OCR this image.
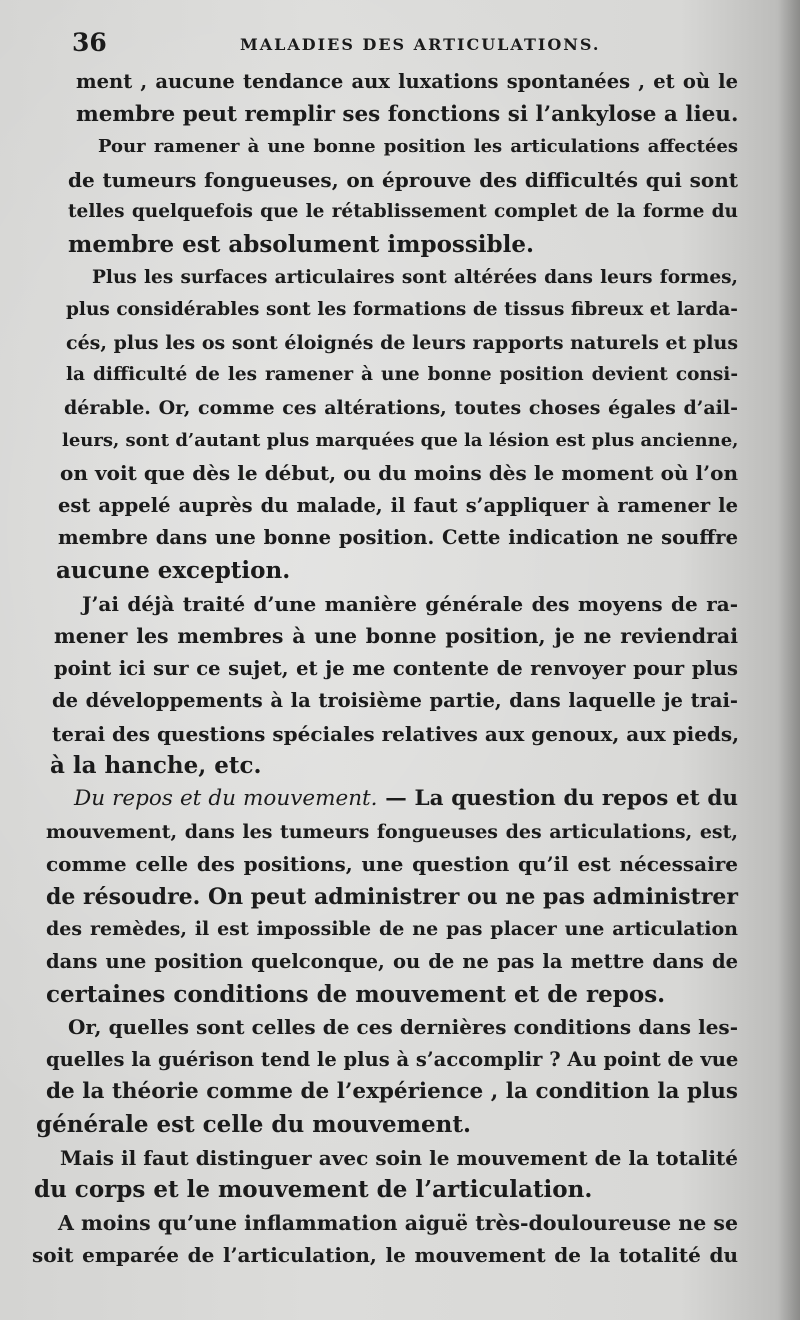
36	MALADIES DES ARTICULATIONS.
ment , aucune tendance aux luxations spontanées , et où le
membre peut remplir ses fonctions si l’ankylose a lieu.
Pour ramener à une bonne position les articulations affectées
de tumeurs fongueuses, on éprouve des difficultés qui sont
telles quelquefois que le rétablissement complet de la forme du
membre est absolument impossible.
Plus les surfaces articulaires sont altérées dans leurs formes,
plus considérables sont les formations de tissus fibreux et larda-
cés, plus les os sont éloignés de leurs rapports naturels et plus
la difficulté de les ramener à une bonne position devient consi-
dérable. Or, comme ces altérations, toutes choses égales d’ail-
leurs, sont d’autant plus marquées que la lésion est plus ancienne,
on voit que dès le début, ou du moins dès le moment où l’on
est appelé auprès du malade, il faut s’appliquer à ramener le
membre dans une bonne position. Cette indication ne souffre
aucune exception.
J’ai déjà traité d’une manière générale des moyens de ra-
mener les membres à une bonne position, je ne reviendrai
point ici sur ce sujet, et je me contente de renvoyer pour plus
de développements à la troisième partie, dans laquelle je trai-
terai des questions spéciales relatives aux genoux, aux pieds,
à la hanche, etc.
Du repos et du mouvement. — La question du repos et du
mouvement, dans les tumeurs fongueuses des articulations, est,
comme celle des positions, une question qu’il est nécessaire
de résoudre. On peut administrer ou ne pas administrer
des remèdes, il est impossible de ne pas placer une articulation
dans une position quelconque, ou de ne pas la mettre dans de
certaines conditions de mouvement et de repos.
Or, quelles sont celles de ces dernières conditions dans les-
quelles la guérison tend le plus à s’accomplir ? Au point de vue
de la théorie comme de l’expérience , la condition la plus
générale est celle du mouvement.
Mais il faut distinguer avec soin le mouvement de la totalité
du corps et le mouvement de l’articulation.
A moins qu’une inflammation aiguë très-douloureuse ne se
soit emparée de l’articulation, le mouvement de la totalité du
